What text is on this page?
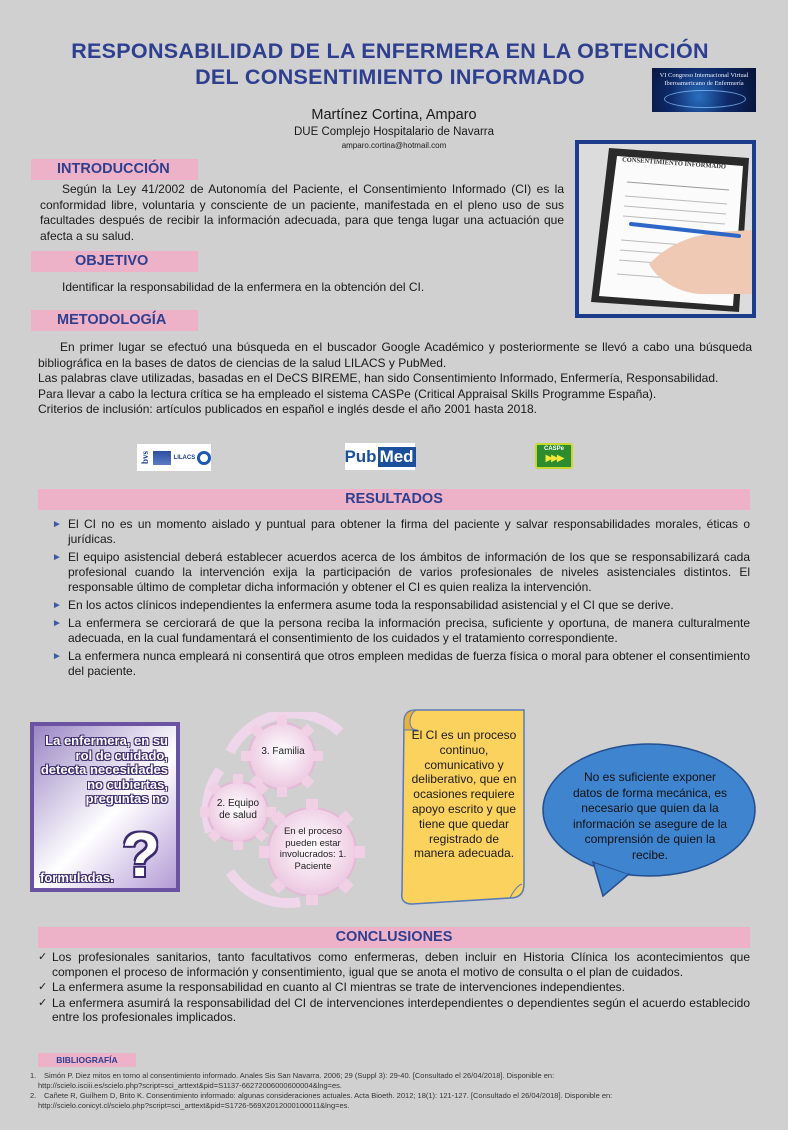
RESPONSABILIDAD DE LA ENFERMERA EN LA OBTENCIÓN
DEL CONSENTIMIENTO INFORMADO	VI Congreso Internacional Virtual
Iberoamericano de Enfermería
Martínez Cortina, Amparo
DUE Complejo Hospitalario de Navarra
amparo.cortina@hotmail.com
INTRODUCCIÓN
Según la Ley 41/2002 de Autonomía del Paciente, el Consentimiento Informado (CI) es la conformidad libre, voluntaria y consciente de un paciente, manifestada en el pleno uso de sus facultades después de recibir la información adecuada, para que tenga lugar una actuación que afecta a su salud.
CONSENTIMIENTO INFORMADO
OBJETIVO
Identificar la responsabilidad de la enfermera en la obtención del CI.
METODOLOGÍA
En primer lugar se efectuó una búsqueda en el buscador Google Académico y posteriormente se llevó a cabo una búsqueda bibliográfica en la bases de datos de ciencias de la salud LILACS y PubMed.
Las palabras clave utilizadas, basadas en el DeCS BIREME, han sido Consentimiento Informado, Enfermería, Responsabilidad.
Para llevar a cabo la lectura crítica se ha empleado el sistema CASPe (Critical Appraisal Skills Programme España).
Criterios de inclusión: artículos publicados en español e inglés desde el año 2001 hasta 2018.
bvs	LILACS	Pub Med	CASPe
▶▶▶
RESULTADOS
► El CI no es un momento aislado y puntual para obtener la firma del paciente y salvar responsabilidades morales, éticas o jurídicas.
► El equipo asistencial deberá establecer acuerdos acerca de los ámbitos de información de los que se responsabilizará cada profesional cuando la intervención exija la participación de varios profesionales de niveles asistenciales distintos. El responsable último de completar dicha información y obtener el CI es quien realiza la intervención.
► En los actos clínicos independientes la enfermera asume toda la responsabilidad asistencial y el CI que se derive.
► La enfermera se cerciorará de que la persona reciba la información precisa, suficiente y oportuna, de manera culturalmente adecuada, en la cual fundamentará el consentimiento de los cuidados y el tratamiento correspondiente.
► La enfermera nunca empleará ni consentirá que otros empleen medidas de fuerza física o moral para obtener el consentimiento del paciente.
La enfermera, en su rol de cuidado, detecta necesidades no cubiertas, preguntas no
?
formuladas.
3. Familia
2. Equipo de salud
En el proceso pueden estar involucrados: 1. Paciente
El CI es un proceso continuo, comunicativo y deliberativo, que en ocasiones requiere apoyo escrito y que tiene que quedar registrado de manera adecuada.
No es suficiente exponer datos de forma mecánica, es necesario que quien da la información se asegure de la comprensión de quien la recibe.
CONCLUSIONES
✓ Los profesionales sanitarios, tanto facultativos como enfermeras, deben incluir en Historia Clínica los acontecimientos que componen el proceso de información y consentimiento, igual que se anota el motivo de consulta o el plan de cuidados.
✓ La enfermera asume la responsabilidad en cuanto al CI mientras se trate de intervenciones independientes.
✓ La enfermera asumirá la responsabilidad del CI de intervenciones interdependientes o dependientes según el acuerdo establecido entre los profesionales implicados.
BIBLIOGRAFÍA
1. Simón P. Diez mitos en torno al consentimiento informado. Anales Sis San Navarra. 2006; 29 (Suppl 3): 29-40. [Consultado el 26/04/2018]. Disponible en:
http://scielo.isciii.es/scielo.php?script=sci_arttext&pid=S1137-66272006000600004&lng=es.
2. Cañete R, Guilhem D, Brito K. Consentimiento informado: algunas consideraciones actuales. Acta Bioeth. 2012; 18(1): 121-127. [Consultado el 26/04/2018]. Disponible en:
http://scielo.conicyt.cl/scielo.php?script=sci_arttext&pid=S1726-569X2012000100011&lng=es.
